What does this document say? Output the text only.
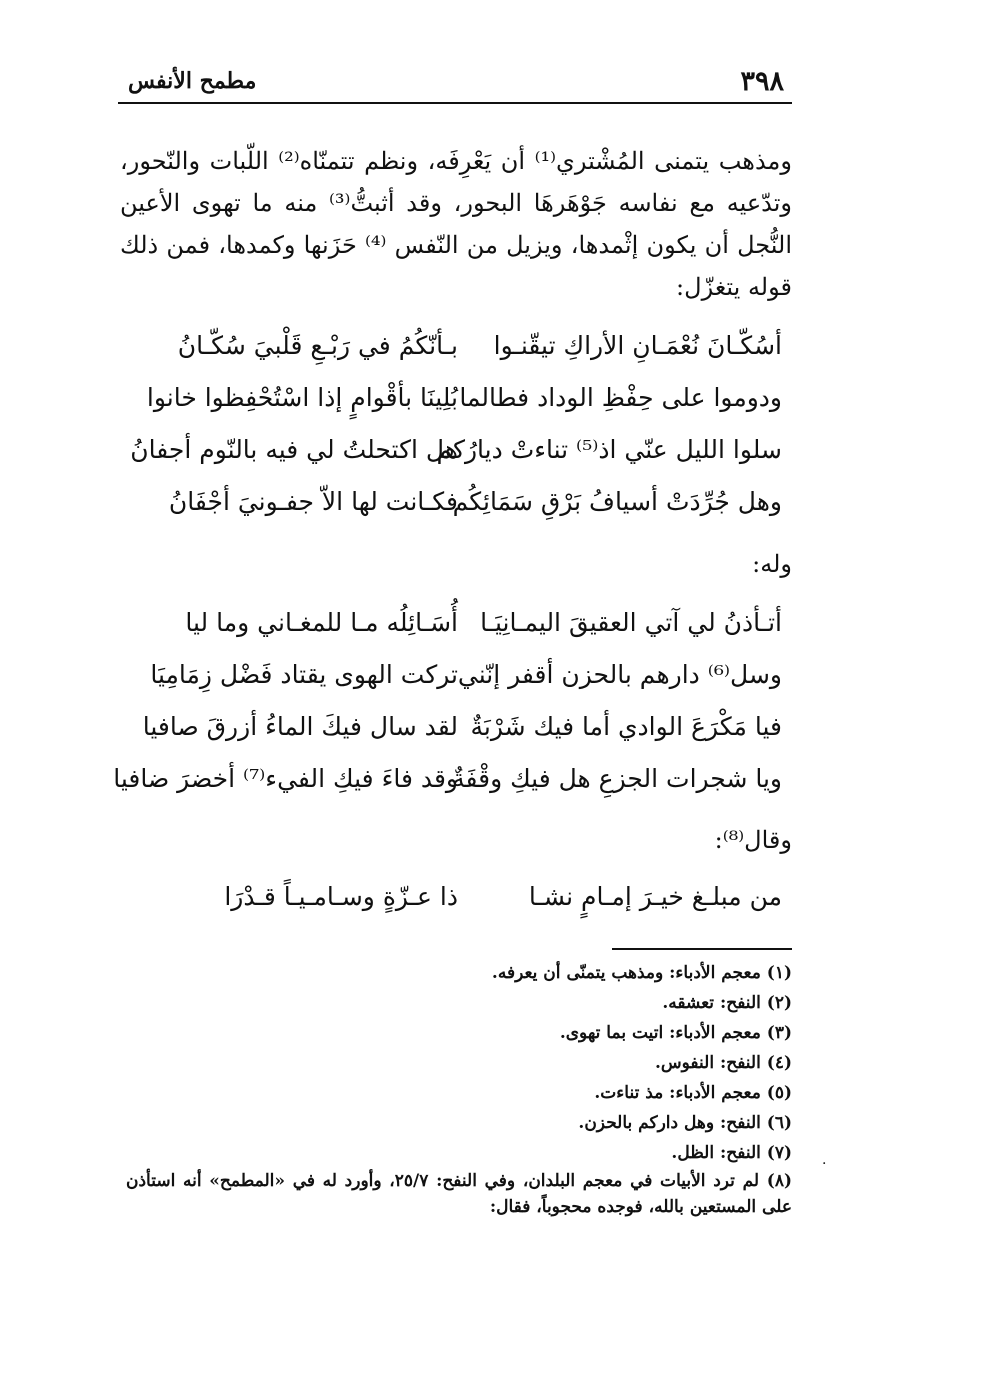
٣٩٨
مطمح الأنفس

ومذهب يتمنى المُشْتري⁽¹⁾ أن يَعْرِفَه، ونظم تتمنّاه⁽²⁾ اللّبات والنّحور، وتدّعيه مع نفاسه جَوْهَرهَا البحور، وقد أثبتُّ⁽³⁾ منه ما تهوى الأعين النُّجل أن يكون إثْمدها، ويزيل من النّفس ⁽⁴⁾ حَزَنها وكمدها، فمن ذلك قوله يتغزّل:

أسُكّـانَ نُعْمَـانِ الأراكِ تيقّنـوا
بـأنّكُمُ في رَبْـعِ قَلْبيَ سُكّـانُ
ودوموا على حِفْظِ الوداد فطالما
بُلِينَا بأقْوامٍ إذا اسْتُحْفِظوا خانوا
سلوا الليل عنّي اذ⁽⁵⁾ تناءتْ ديارُكم
هل اكتحلتُ لي فيه بالنّوم أجفانُ
وهل جُرِّدَتْ أسيافُ بَرْقِ سَمَائِكُم
فكـانت لها الاّ جفـونيَ أجْفَانُ
وله:
أتـأذنُ لي آتي العقيقَ اليمـانِيَـا
أُسَـائِلُه مـا للمغـاني وما ليا
وسل⁽⁶⁾ دارهم بالحزن أقفر إنّني
تركت الهوى يقتاد فَضْل زِمَامِيَا
فيا مَكْرَعَ الوادي أما فيك شَرْبَةٌ
لقد سال فيكَ الماءُ أزرقَ صافيا
ويا شجرات الجزعِ هل فيكِ وقْفَةٌ
وقد فاءَ فيكِ الفيء⁽⁷⁾ أخضرَ ضافيا
وقال⁽⁸⁾:
من مبلـغ خيـرَ إمـامٍ نشـا
ذا عـزّةٍ وسـامـيـاً قـدْرَا
(١) معجم الأدباء: ومذهب يتمنّى أن يعرفه.
(٢) النفح: تعشقه.
(٣) معجم الأدباء: اتيت بما تهوى.
(٤) النفح: النفوس.
(٥) معجم الأدباء: مذ تناءت.
(٦) النفح: وهل داركم بالحزن.
(٧) النفح: الظل.
(٨) لم ترد الأبيات في معجم البلدان، وفي النفح: ٢٥/٧، وأورد له في «المطمح» أنه استأذن على المستعين بالله، فوجده محجوباً، فقال:
·
